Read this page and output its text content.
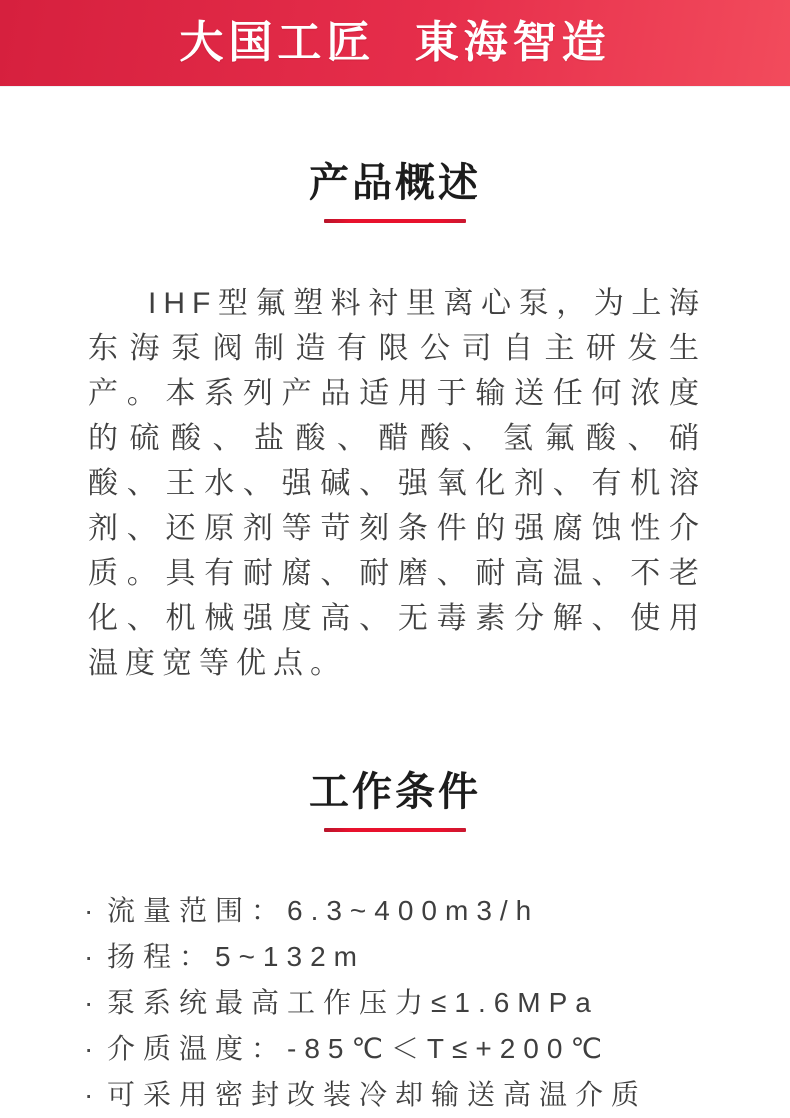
大国工匠 東海智造
产品概述

IHF型氟塑料衬里离心泵，为上海东海泵阀制造有限公司自主研发生产。本系列产品适用于输送任何浓度的硫酸、盐酸、醋酸、氢氟酸、硝酸、王水、强碱、强氧化剂、有机溶剂、还原剂等苛刻条件的强腐蚀性介质。具有耐腐、耐磨、耐高温、不老化、机械强度高、无毒素分解、使用温度宽等优点。

工作条件
· 流量范围：6.3~400m3/h
· 扬程：5~132m
· 泵系统最高工作压力≤1.6MPa
· 介质温度：-85℃＜T≤+200℃
· 可采用密封改装冷却输送高温介质
